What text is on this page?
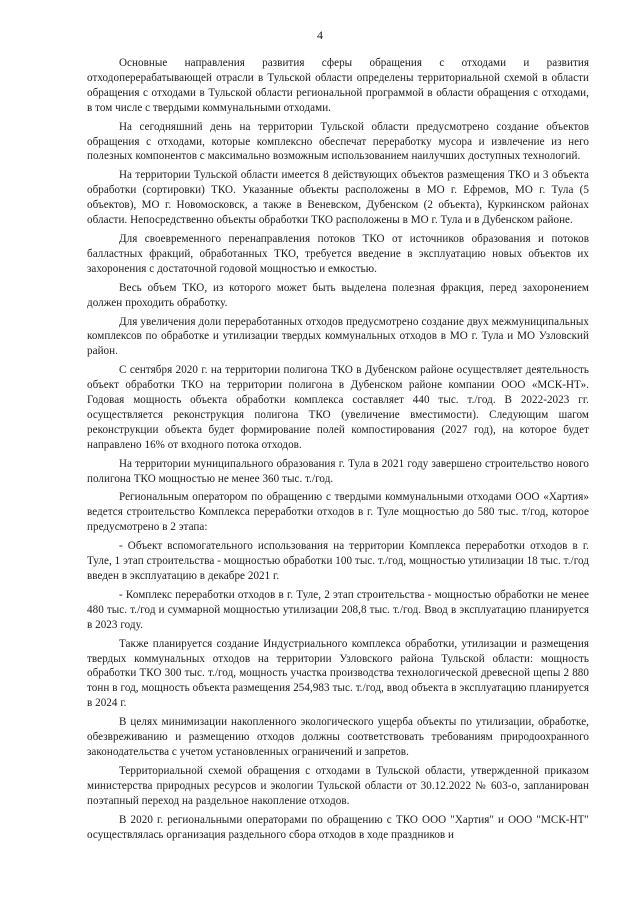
4

Основные направления развития сферы обращения с отходами и развития отходоперерабатывающей отрасли в Тульской области определены территориальной схемой в области обращения с отходами в Тульской области региональной программой в области обращения с отходами, в том числе с твердыми коммунальными отходами.

На сегодняшний день на территории Тульской области предусмотрено создание объектов обращения с отходами, которые комплексно обеспечат переработку мусора и извлечение из него полезных компонентов с максимально возможным использованием наилучших доступных технологий.

На территории Тульской области имеется 8 действующих объектов размещения ТКО и 3 объекта обработки (сортировки) ТКО. Указанные объекты расположены в МО г. Ефремов, МО г. Тула (5 объектов), МО г. Новомосковск, а также в Веневском, Дубенском (2 объекта), Куркинском районах области. Непосредственно объекты обработки ТКО расположены в МО г. Тула и в Дубенском районе.

Для своевременного перенаправления потоков ТКО от источников образования и потоков балластных фракций, обработанных ТКО, требуется введение в эксплуатацию новых объектов их захоронения с достаточной годовой мощностью и емкостью.

Весь объем ТКО, из которого может быть выделена полезная фракция, перед захоронением должен проходить обработку.

Для увеличения доли переработанных отходов предусмотрено создание двух межмуниципальных комплексов по обработке и утилизации твердых коммунальных отходов в МО г. Тула и МО Узловский район.

С сентября 2020 г. на территории полигона ТКО в Дубенском районе осуществляет деятельность объект обработки ТКО на территории полигона в Дубенском районе компании ООО «МСК-НТ». Годовая мощность объекта обработки комплекса составляет 440 тыс. т./год. В 2022-2023 гг. осуществляется реконструкция полигона ТКО (увеличение вместимости). Следующим шагом реконструкции объекта будет формирование полей компостирования (2027 год), на которое будет направлено 16% от входного потока отходов.

На территории муниципального образования г. Тула в 2021 году завершено строительство нового полигона ТКО мощностью не менее 360 тыс. т./год.

Региональным оператором по обращению с твердыми коммунальными отходами ООО «Хартия» ведется строительство Комплекса переработки отходов в г. Туле мощностью до 580 тыс. т/год, которое предусмотрено в 2 этапа:

- Объект вспомогательного использования на территории Комплекса переработки отходов в г. Туле, 1 этап строительства - мощностью обработки 100 тыс. т./год, мощностью утилизации 18 тыс. т./год введен в эксплуатацию в декабре 2021 г.

- Комплекс переработки отходов в г. Туле, 2 этап строительства - мощностью обработки не менее 480 тыс. т./год и суммарной мощностью утилизации 208,8 тыс. т./год. Ввод в эксплуатацию планируется в 2023 году.

Также планируется создание Индустриального комплекса обработки, утилизации и размещения твердых коммунальных отходов на территории Узловского района Тульской области: мощность обработки ТКО 300 тыс. т./год, мощность участка производства технологической древесной щепы 2 880 тонн в год, мощность объекта размещения 254,983 тыс. т./год, ввод объекта в эксплуатацию планируется в 2024 г.

В целях минимизации накопленного экологического ущерба объекты по утилизации, обработке, обезвреживанию и размещению отходов должны соответствовать требованиям природоохранного законодательства с учетом установленных ограничений и запретов.

Территориальной схемой обращения с отходами в Тульской области, утвержденной приказом министерства природных ресурсов и экологии Тульской области от 30.12.2022 № 603-о, запланирован поэтапный переход на раздельное накопление отходов.

В 2020 г. региональными операторами по обращению с ТКО ООО "Хартия" и ООО "МСК-НТ" осуществлялась организация раздельного сбора отходов в ходе праздников и
